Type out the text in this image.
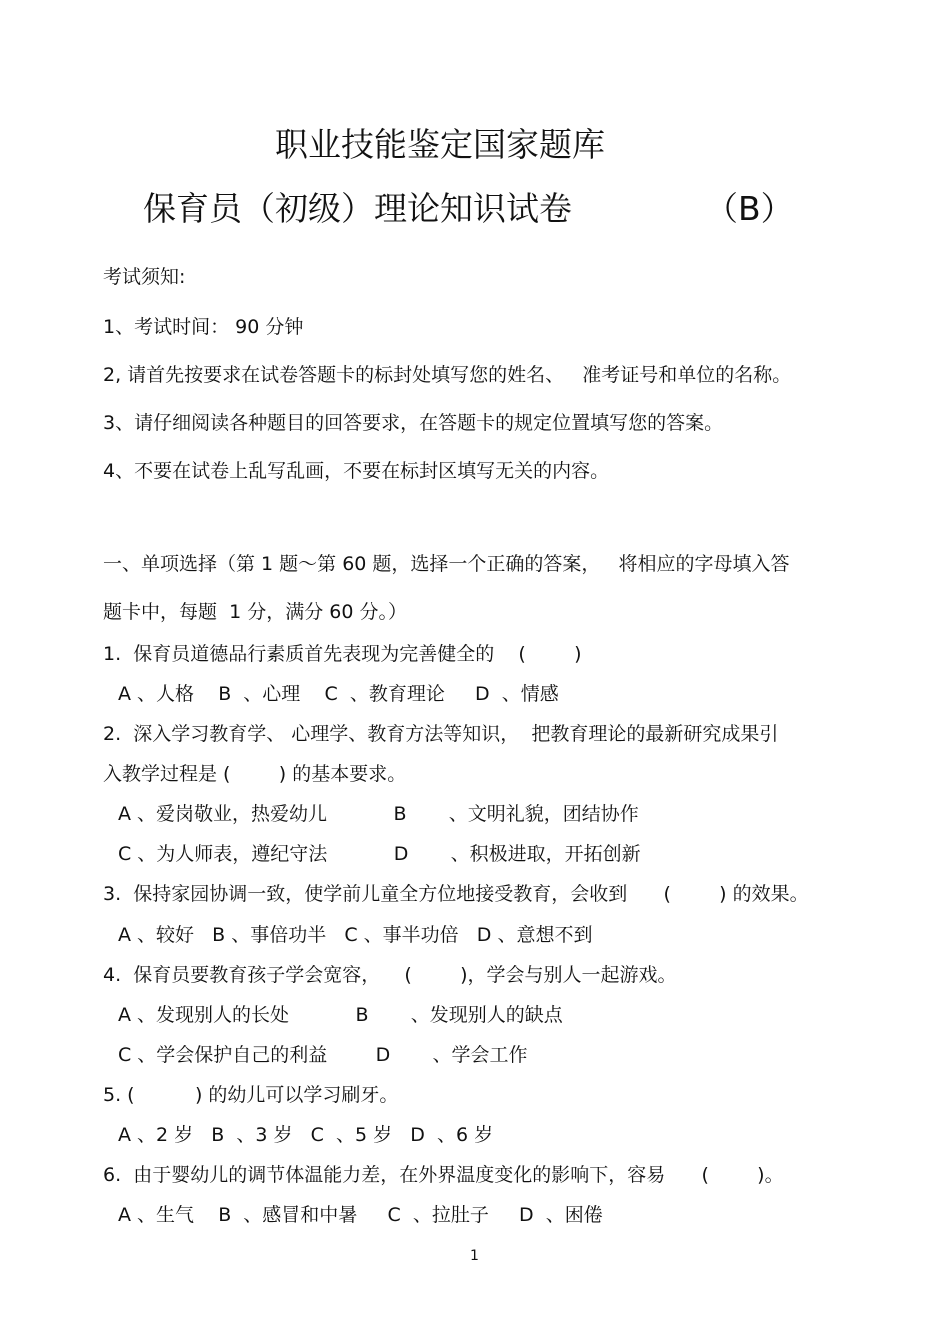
职业技能鉴定国家题库
保育员（初级）理论知识试卷	（B）
考试须知:
1、考试时间： 90 分钟
2, 请首先按要求在试卷答题卡的标封处填写您的姓名、   准考证号和单位的名称。
3、请仔细阅读各种题目的回答要求，在答题卡的规定位置填写您的答案。
4、不要在试卷上乱写乱画，不要在标封区填写无关的内容。
一、单项选择（第 1 题～第 60 题，选择一个正确的答案，   将相应的字母填入答
题卡中，每题  1 分，满分 60 分。）
1.  保育员道德品行素质首先表现为完善健全的    (        )
A 、人格    B  、心理    C  、教育理论     D  、情感
2.  深入学习教育学、 心理学、教育方法等知识，  把教育理论的最新研究成果引
入教学过程是 (        ) 的基本要求。
A 、爱岗敬业，热爱幼儿           B       、文明礼貌，团结协作
C 、为人师表，遵纪守法           D       、积极进取，开拓创新
3.  保持家园协调一致，使学前儿童全方位地接受教育，会收到      (        ) 的效果。
A 、较好   B 、事倍功半   C 、事半功倍   D 、意想不到
4.  保育员要教育孩子学会宽容，    (        )，学会与别人一起游戏。
A 、发现别人的长处           B       、发现别人的缺点
C 、学会保护自己的利益        D       、学会工作
5. (          ) 的幼儿可以学习刷牙。
A 、2 岁   B  、3 岁   C  、5 岁   D  、6 岁
6.  由于婴幼儿的调节体温能力差，在外界温度变化的影响下，容易      (        )。
A 、生气    B  、感冒和中暑     C  、拉肚子     D  、困倦
1
